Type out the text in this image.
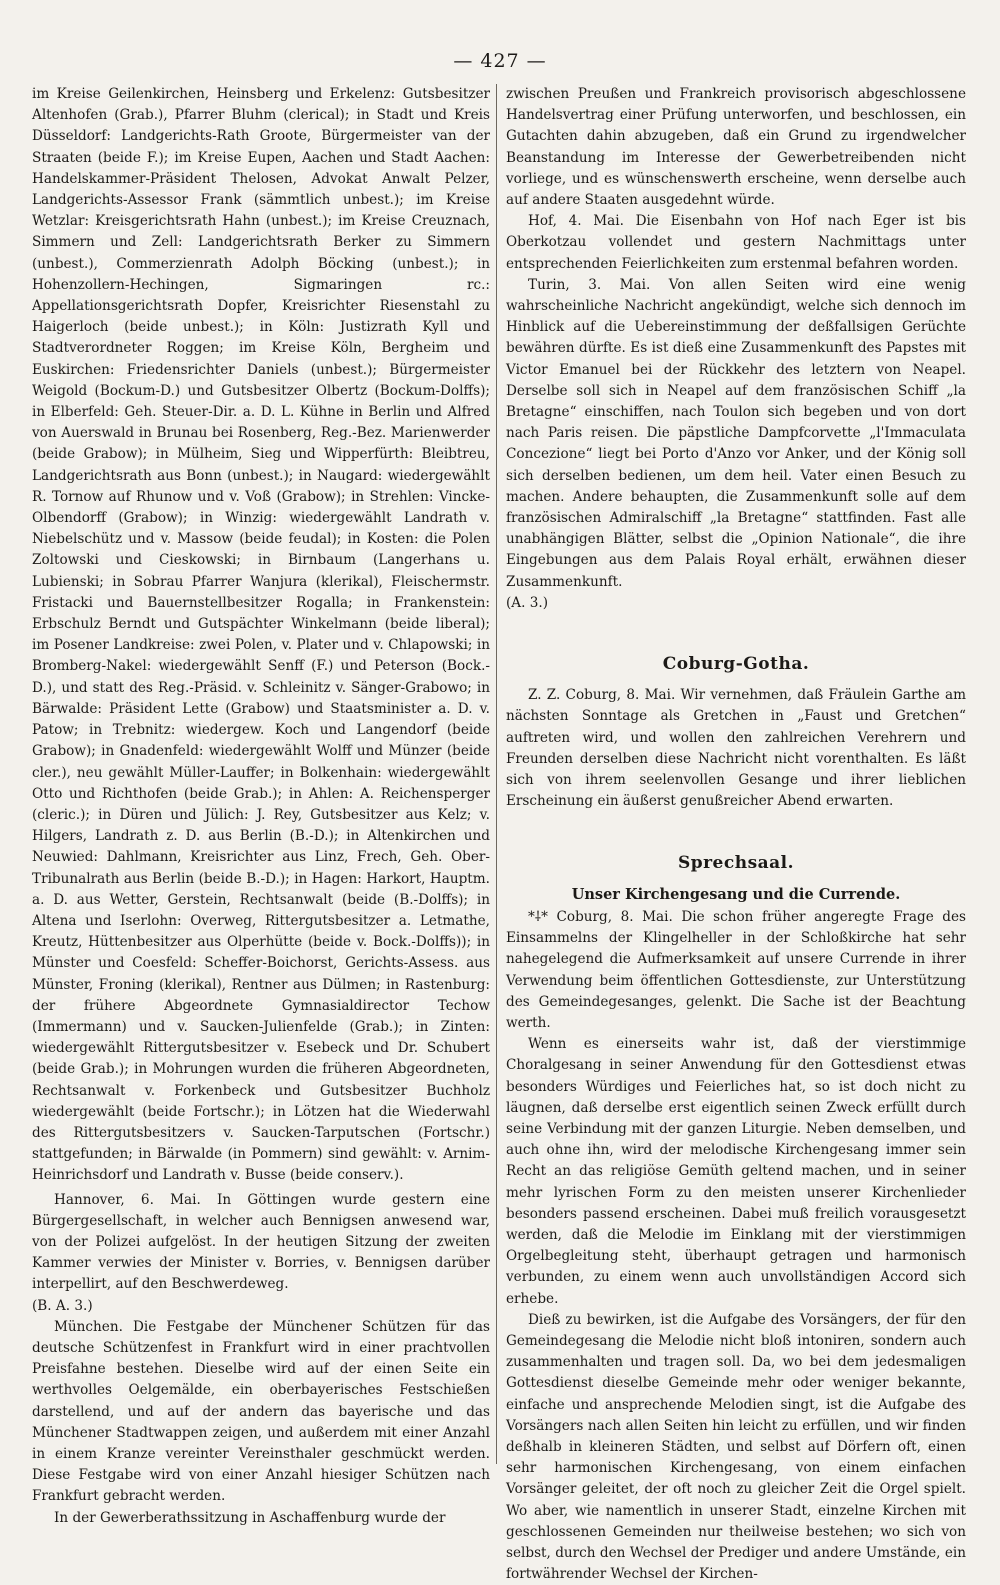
— 427 —

im Kreise Geilenkirchen, Heinsberg und Erkelenz: Gutsbesitzer Altenhofen (Grab.), Pfarrer Bluhm (clerical); in Stadt und Kreis Düsseldorf: Landgerichts-Rath Groote, Bürgermeister van der Straaten (beide F.); im Kreise Eupen, Aachen und Stadt Aachen: Handelskammer-Präsident Thelosen, Advokat Anwalt Pelzer, Landgerichts-Assessor Frank (sämmtlich unbest.); im Kreise Wetzlar: Kreisgerichtsrath Hahn (unbest.); im Kreise Creuznach, Simmern und Zell: Landgerichtsrath Berker zu Simmern (unbest.), Commerzienrath Adolph Böcking (unbest.); in Hohenzollern-Hechingen, Sigmaringen rc.: Appellationsgerichtsrath Dopfer, Kreisrichter Riesenstahl zu Haigerloch (beide unbest.); in Köln: Justizrath Kyll und Stadtverordneter Roggen; im Kreise Köln, Bergheim und Euskirchen: Friedensrichter Daniels (unbest.); Bürgermeister Weigold (Bockum-D.) und Gutsbesitzer Olbertz (Bockum-Dolffs); in Elberfeld: Geh. Steuer-Dir. a. D. L. Kühne in Berlin und Alfred von Auerswald in Brunau bei Rosenberg, Reg.-Bez. Marienwerder (beide Grabow); in Mülheim, Sieg und Wipperfürth: Bleibtreu, Landgerichtsrath aus Bonn (unbest.); in Naugard: wiedergewählt R. Tornow auf Rhunow und v. Voß (Grabow); in Strehlen: Vincke-Olbendorff (Grabow); in Winzig: wiedergewählt Landrath v. Niebelschütz und v. Massow (beide feudal); in Kosten: die Polen Zoltowski und Cieskowski; in Birnbaum (Langerhans u. Lubienski; in Sobrau Pfarrer Wanjura (klerikal), Fleischermstr. Fristacki und Bauernstellbesitzer Rogalla; in Frankenstein: Erbschulz Berndt und Gutspächter Winkelmann (beide liberal); im Posener Landkreise: zwei Polen, v. Plater und v. Chlapowski; in Bromberg-Nakel: wiedergewählt Senff (F.) und Peterson (Bock.-D.), und statt des Reg.-Präsid. v. Schleinitz v. Sänger-Grabowo; in Bärwalde: Präsident Lette (Grabow) und Staatsminister a. D. v. Patow; in Trebnitz: wiedergew. Koch und Langendorf (beide Grabow); in Gnadenfeld: wiedergewählt Wolff und Münzer (beide cler.), neu gewählt Müller-Lauffer; in Bolkenhain: wiedergewählt Otto und Richthofen (beide Grab.); in Ahlen: A. Reichensperger (cleric.); in Düren und Jülich: J. Rey, Gutsbesitzer aus Kelz; v. Hilgers, Landrath z. D. aus Berlin (B.-D.); in Altenkirchen und Neuwied: Dahlmann, Kreisrichter aus Linz, Frech, Geh. Ober-Tribunalrath aus Berlin (beide B.-D.); in Hagen: Harkort, Hauptm. a. D. aus Wetter, Gerstein, Rechtsanwalt (beide (B.-Dolffs); in Altena und Iserlohn: Overweg, Rittergutsbesitzer a. Letmathe, Kreutz, Hüttenbesitzer aus Olperhütte (beide v. Bock.-Dolffs)); in Münster und Coesfeld: Scheffer-Boichorst, Gerichts-Assess. aus Münster, Froning (klerikal), Rentner aus Dülmen; in Rastenburg: der frühere Abgeordnete Gymnasialdirector Techow (Immermann) und v. Saucken-Julienfelde (Grab.); in Zinten: wiedergewählt Rittergutsbesitzer v. Esebeck und Dr. Schubert (beide Grab.); in Mohrungen wurden die früheren Abgeordneten, Rechtsanwalt v. Forkenbeck und Gutsbesitzer Buchholz wiedergewählt (beide Fortschr.); in Lötzen hat die Wiederwahl des Rittergutsbesitzers v. Saucken-Tarputschen (Fortschr.) stattgefunden; in Bärwalde (in Pommern) sind gewählt: v. Arnim-Heinrichsdorf und Landrath v. Busse (beide conserv.).

Hannover, 6. Mai. In Göttingen wurde gestern eine Bürgergesellschaft, in welcher auch Bennigsen anwesend war, von der Polizei aufgelöst. In der heutigen Sitzung der zweiten Kammer verwies der Minister v. Borries, v. Bennigsen darüber interpellirt, auf den Beschwerdeweg.

(B. A. 3.)

München. Die Festgabe der Münchener Schützen für das deutsche Schützenfest in Frankfurt wird in einer prachtvollen Preisfahne bestehen. Dieselbe wird auf der einen Seite ein werthvolles Oelgemälde, ein oberbayerisches Festschießen darstellend, und auf der andern das bayerische und das Münchener Stadtwappen zeigen, und außerdem mit einer Anzahl in einem Kranze vereinter Vereinsthaler geschmückt werden. Diese Festgabe wird von einer Anzahl hiesiger Schützen nach Frankfurt gebracht werden.

In der Gewerberathssitzung in Aschaffenburg wurde der

zwischen Preußen und Frankreich provisorisch abgeschlossene Handelsvertrag einer Prüfung unterworfen, und beschlossen, ein Gutachten dahin abzugeben, daß ein Grund zu irgendwelcher Beanstandung im Interesse der Gewerbetreibenden nicht vorliege, und es wünschenswerth erscheine, wenn derselbe auch auf andere Staaten ausgedehnt würde.

Hof, 4. Mai. Die Eisenbahn von Hof nach Eger ist bis Oberkotzau vollendet und gestern Nachmittags unter entsprechenden Feierlichkeiten zum erstenmal befahren worden.

Turin, 3. Mai. Von allen Seiten wird eine wenig wahrscheinliche Nachricht angekündigt, welche sich dennoch im Hinblick auf die Uebereinstimmung der deßfallsigen Gerüchte bewähren dürfte. Es ist dieß eine Zusammenkunft des Papstes mit Victor Emanuel bei der Rückkehr des letztern von Neapel. Derselbe soll sich in Neapel auf dem französischen Schiff „la Bretagne“ einschiffen, nach Toulon sich begeben und von dort nach Paris reisen. Die päpstliche Dampfcorvette „l'Immaculata Concezione“ liegt bei Porto d'Anzo vor Anker, und der König soll sich derselben bedienen, um dem heil. Vater einen Besuch zu machen. Andere behaupten, die Zusammenkunft solle auf dem französischen Admiralschiff „la Bretagne“ stattfinden. Fast alle unabhängigen Blätter, selbst die „Opinion Nationale“, die ihre Eingebungen aus dem Palais Royal erhält, erwähnen dieser Zusammenkunft.

(A. 3.)

Coburg-Gotha.

Z. Z. Coburg, 8. Mai. Wir vernehmen, daß Fräulein Garthe am nächsten Sonntage als Gretchen in „Faust und Gretchen“ auftreten wird, und wollen den zahlreichen Verehrern und Freunden derselben diese Nachricht nicht vorenthalten. Es läßt sich von ihrem seelenvollen Gesange und ihrer lieblichen Erscheinung ein äußerst genußreicher Abend erwarten.

Sprechsaal.
Unser Kirchengesang und die Currende.

*⸸* Coburg, 8. Mai. Die schon früher angeregte Frage des Einsammelns der Klingelheller in der Schloßkirche hat sehr nahegelegend die Aufmerksamkeit auf unsere Currende in ihrer Verwendung beim öffentlichen Gottesdienste, zur Unterstützung des Gemeindegesanges, gelenkt. Die Sache ist der Beachtung werth.

Wenn es einerseits wahr ist, daß der vierstimmige Choralgesang in seiner Anwendung für den Gottesdienst etwas besonders Würdiges und Feierliches hat, so ist doch nicht zu läugnen, daß derselbe erst eigentlich seinen Zweck erfüllt durch seine Verbindung mit der ganzen Liturgie. Neben demselben, und auch ohne ihn, wird der melodische Kirchengesang immer sein Recht an das religiöse Gemüth geltend machen, und in seiner mehr lyrischen Form zu den meisten unserer Kirchenlieder besonders passend erscheinen. Dabei muß freilich vorausgesetzt werden, daß die Melodie im Einklang mit der vierstimmigen Orgelbegleitung steht, überhaupt getragen und harmonisch verbunden, zu einem wenn auch unvollständigen Accord sich erhebe.

Dieß zu bewirken, ist die Aufgabe des Vorsängers, der für den Gemeindegesang die Melodie nicht bloß intoniren, sondern auch zusammenhalten und tragen soll. Da, wo bei dem jedesmaligen Gottesdienst dieselbe Gemeinde mehr oder weniger bekannte, einfache und ansprechende Melodien singt, ist die Aufgabe des Vorsängers nach allen Seiten hin leicht zu erfüllen, und wir finden deßhalb in kleineren Städten, und selbst auf Dörfern oft, einen sehr harmonischen Kirchengesang, von einem einfachen Vorsänger geleitet, der oft noch zu gleicher Zeit die Orgel spielt. Wo aber, wie namentlich in unserer Stadt, einzelne Kirchen mit geschlossenen Gemeinden nur theilweise bestehen; wo sich von selbst, durch den Wechsel der Prediger und andere Umstände, ein fortwährender Wechsel der Kirchen-
